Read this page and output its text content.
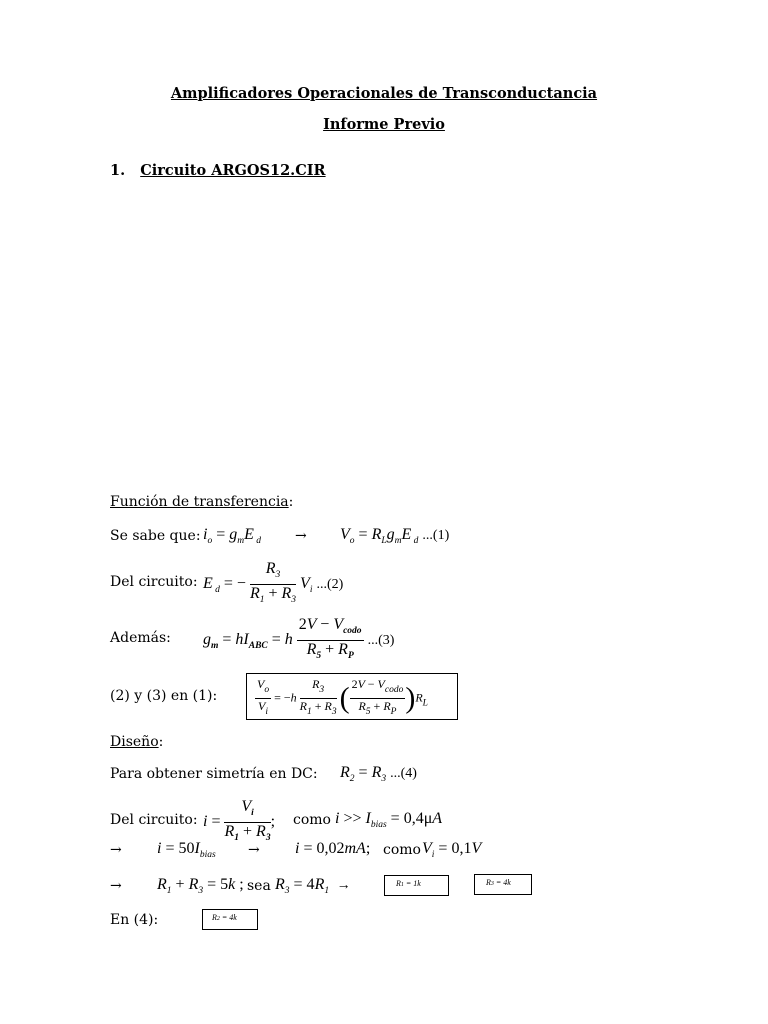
Amplificadores Operacionales de Transconductancia
Informe Previo
1. Circuito ARGOS12.CIR
Función de transferencia:
Se sabe que: $i_o = g_mE$ $_d \to V_o = R_Lg_mE$ $_d$ ...(1)
Del circuito: E $_d$ = − $\frac{R_3}{R_1 + R_3} V_i$ ...(2)
Además: $g_m = hI_{ABC} = h \frac{2V - V_{codo}}{R_5 + R_P} ...(3)$
(2) y (3) en (1):	$\frac{V_o}{V_i} = -h \frac{R_3}{R_1 + R_3}$ ( $\frac{2V - V_{codo}}{R_5 + R_P} )R_L$
Diseño:
Para obtener simetría en DC: $R_2 = R_3$ ...(4)
Del circuito: $i = \frac{V_i}{R_1 + R_3}$ ; como $i >> I_{bias} = 0,4\mu A$
→ $i = 50I_{bias} \to i = 0,02mA$; como $V_i = 0,1V$
→ $R_1 + R_3 = 5k$ ; sea $R_3 = 4R_1$  →	R1 = 1k	R3 = 4k
En (4):	R2 = 4k
